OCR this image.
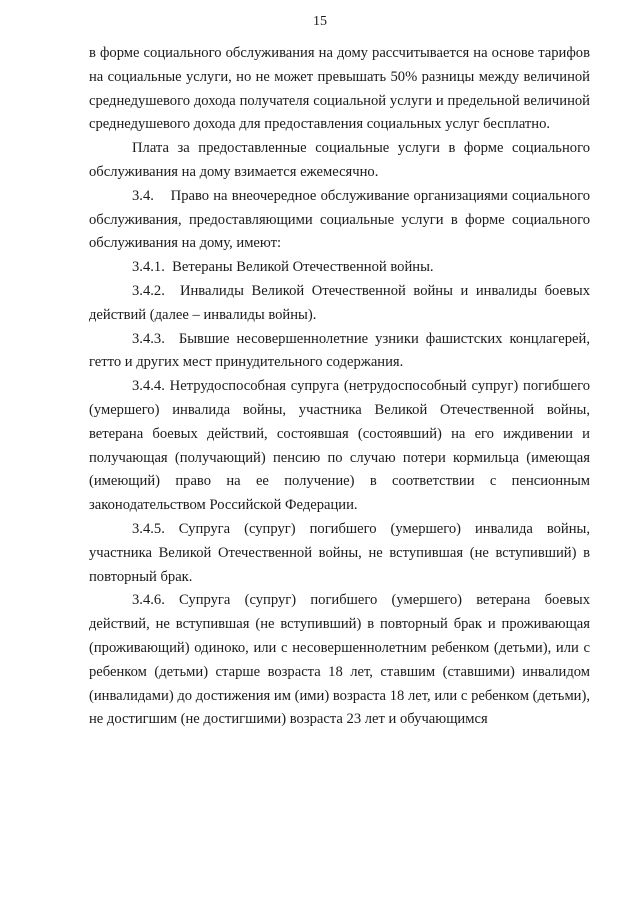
15

в форме социального обслуживания на дому рассчитывается на основе тарифов на социальные услуги, но не может превышать 50% разницы между величиной среднедушевого дохода получателя социальной услуги и предельной величиной среднедушевого дохода для предоставления социальных услуг бесплатно.

Плата за предоставленные социальные услуги в форме социального обслуживания на дому взимается ежемесячно.

3.4.    Право на внеочередное обслуживание организациями социального обслуживания, предоставляющими социальные услуги в форме социального обслуживания на дому, имеют:

3.4.1.  Ветераны Великой Отечественной войны.

3.4.2.  Инвалиды Великой Отечественной войны и инвалиды боевых действий (далее – инвалиды войны).

3.4.3.  Бывшие несовершеннолетние узники фашистских концлагерей, гетто и других мест принудительного содержания.

3.4.4. Нетрудоспособная супруга (нетрудоспособный супруг) погибшего (умершего) инвалида войны, участника Великой Отечественной войны, ветерана боевых действий, состоявшая (состоявший) на его иждивении и получающая (получающий) пенсию по случаю потери кормильца (имеющая (имеющий) право на ее получение) в соответствии с пенсионным законодательством Российской Федерации.

3.4.5. Супруга (супруг) погибшего (умершего) инвалида войны, участника Великой Отечественной войны, не вступившая (не вступивший) в повторный брак.

3.4.6. Супруга (супруг) погибшего (умершего) ветерана боевых действий, не вступившая (не вступивший) в повторный брак и проживающая (проживающий) одиноко, или с несовершеннолетним ребенком (детьми), или с ребенком (детьми) старше возраста 18 лет, ставшим (ставшими) инвалидом (инвалидами) до достижения им (ими) возраста 18 лет, или с ребенком (детьми), не достигшим (не достигшими) возраста 23 лет и обучающимся
